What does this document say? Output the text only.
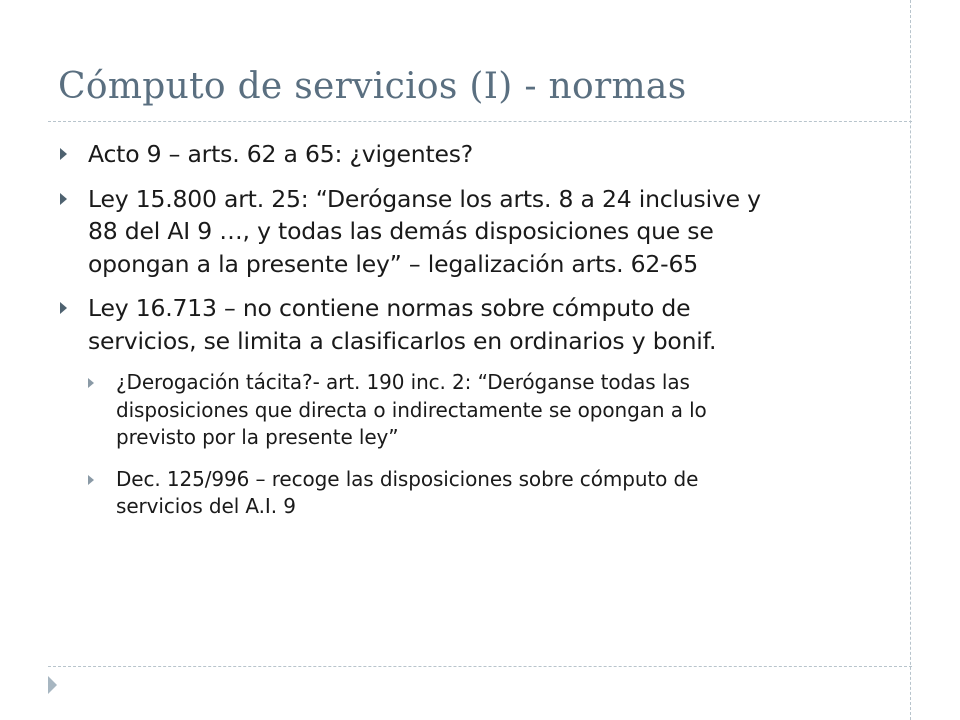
Cómputo de servicios (I) - normas
Acto 9 – arts. 62 a 65: ¿vigentes?
Ley 15.800 art. 25: “Deróganse los arts. 8 a 24 inclusive y
88 del AI 9 …, y todas las demás disposiciones que se
opongan a la presente ley” – legalización arts. 62-65
Ley 16.713 – no contiene normas sobre cómputo de
servicios, se limita a clasificarlos en ordinarios y bonif.
¿Derogación tácita?- art. 190 inc. 2: “Deróganse todas las
disposiciones que directa o indirectamente se opongan a lo
previsto por la presente ley”
Dec. 125/996 – recoge las disposiciones sobre cómputo de
servicios del A.I. 9
